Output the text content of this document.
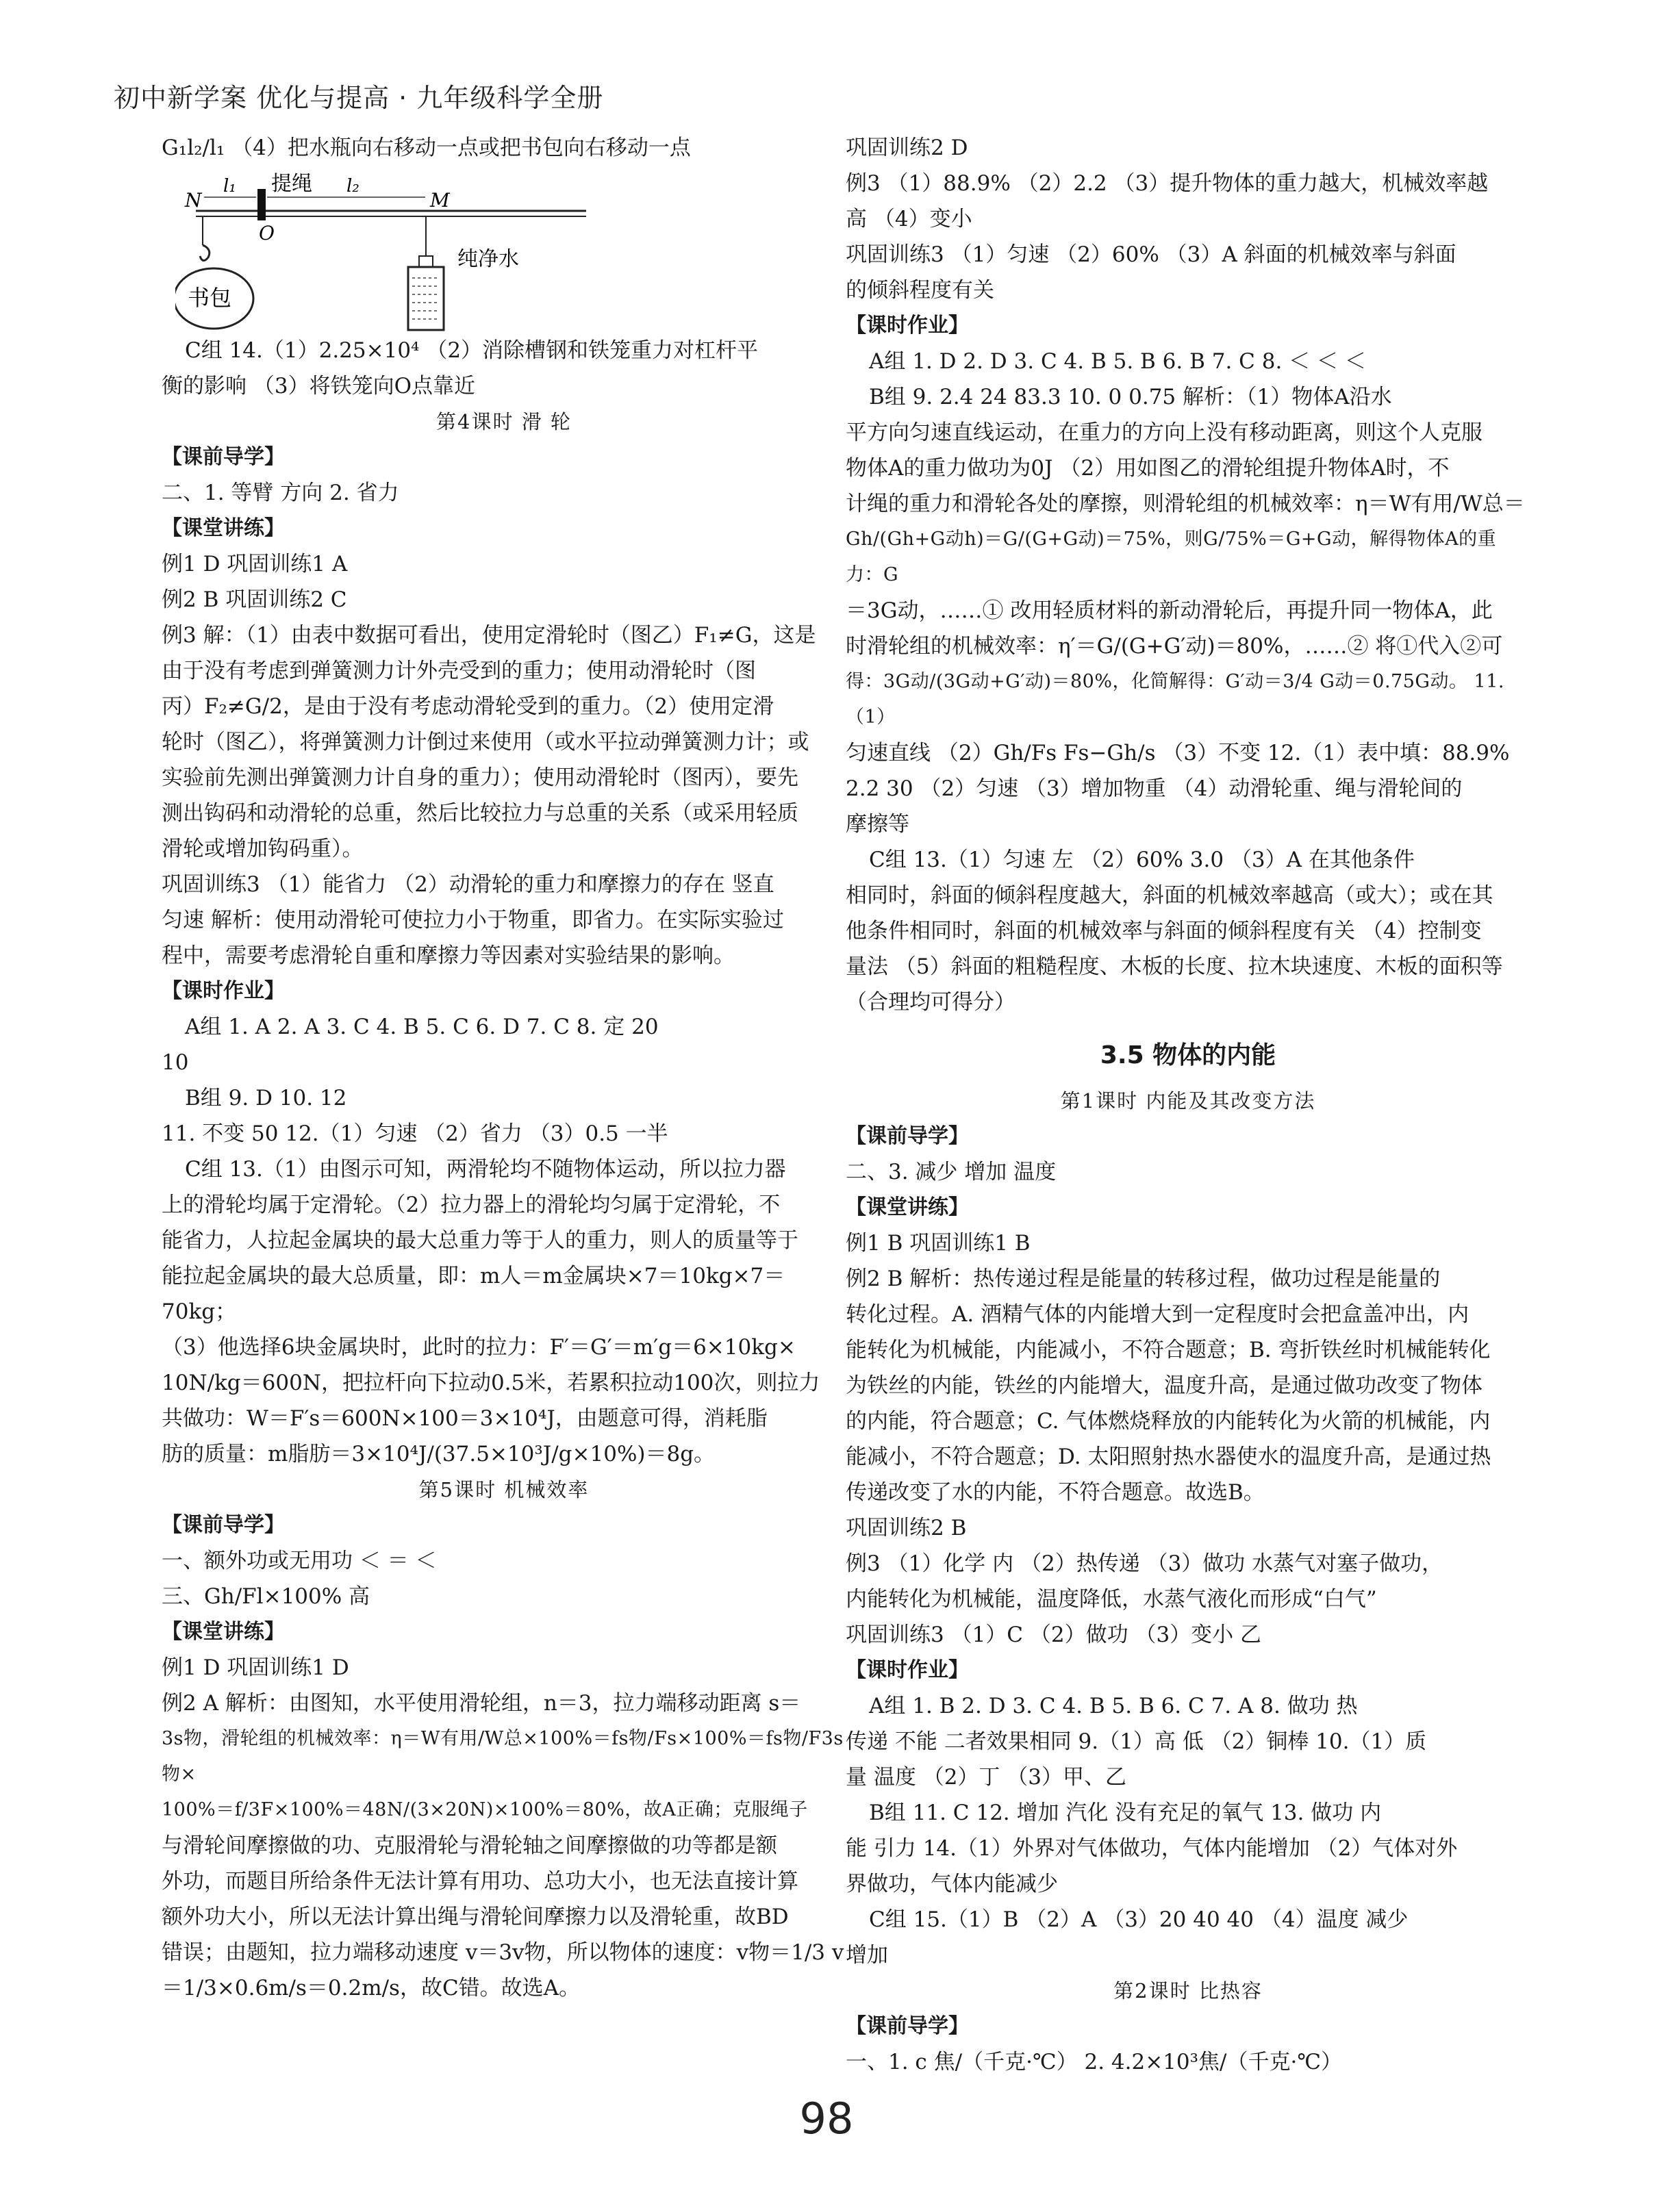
初中新学案 优化与提高 · 九年级科学全册
G₁l₂/l₁ （4）把水瓶向右移动一点或把书包向右移动一点
N
l₁ 提绳 l₂
M
O
书包
纯净水
C组 14.（1）2.25×10⁴ （2）消除槽钢和铁笼重力对杠杆平
衡的影响 （3）将铁笼向O点靠近
第4课时 滑 轮
【课前导学】
二、1. 等臂 方向 2. 省力
【课堂讲练】
例1 D 巩固训练1 A
例2 B 巩固训练2 C
例3 解：（1）由表中数据可看出，使用定滑轮时（图乙）F₁≠G，这是
由于没有考虑到弹簧测力计外壳受到的重力；使用动滑轮时（图
丙）F₂≠G/2，是由于没有考虑动滑轮受到的重力。（2）使用定滑
轮时（图乙），将弹簧测力计倒过来使用（或水平拉动弹簧测力计；或
实验前先测出弹簧测力计自身的重力）；使用动滑轮时（图丙），要先
测出钩码和动滑轮的总重，然后比较拉力与总重的关系（或采用轻质
滑轮或增加钩码重）。
巩固训练3 （1）能省力 （2）动滑轮的重力和摩擦力的存在 竖直
匀速 解析：使用动滑轮可使拉力小于物重，即省力。在实际实验过
程中，需要考虑滑轮自重和摩擦力等因素对实验结果的影响。
【课时作业】
A组 1. A 2. A 3. C 4. B 5. C 6. D 7. C 8. 定 20
10
B组 9. D 10. 12
11. 不变 50 12.（1）匀速 （2）省力 （3）0.5 一半
C组 13.（1）由图示可知，两滑轮均不随物体运动，所以拉力器
上的滑轮均属于定滑轮。（2）拉力器上的滑轮均匀属于定滑轮，不
能省力，人拉起金属块的最大总重力等于人的重力，则人的质量等于
能拉起金属块的最大总质量，即：m人＝m金属块×7＝10kg×7＝70kg；
（3）他选择6块金属块时，此时的拉力：F′＝G′＝m′g＝6×10kg×
10N/kg＝600N，把拉杆向下拉动0.5米，若累积拉动100次，则拉力
共做功：W＝F′s＝600N×100＝3×10⁴J，由题意可得，消耗脂
肪的质量：m脂肪＝3×10⁴J/(37.5×10³J/g×10%)＝8g。
第5课时 机械效率
【课前导学】
一、额外功或无用功 ＜ ＝ ＜
三、Gh/Fl×100% 高
【课堂讲练】
例1 D 巩固训练1 D
例2 A 解析：由图知，水平使用滑轮组，n＝3，拉力端移动距离 s＝
3s物，滑轮组的机械效率：η＝W有用/W总×100%＝fs物/Fs×100%＝fs物/F3s物×
100%＝f/3F×100%＝48N/(3×20N)×100%＝80%，故A正确；克服绳子
与滑轮间摩擦做的功、克服滑轮与滑轮轴之间摩擦做的功等都是额
外功，而题目所给条件无法计算有用功、总功大小，也无法直接计算
额外功大小，所以无法计算出绳与滑轮间摩擦力以及滑轮重，故BD
错误；由题知，拉力端移动速度 v＝3v物，所以物体的速度：v物＝1/3 v
＝1/3×0.6m/s＝0.2m/s，故C错。故选A。
巩固训练2 D
例3 （1）88.9% （2）2.2 （3）提升物体的重力越大，机械效率越
高 （4）变小
巩固训练3 （1）匀速 （2）60% （3）A 斜面的机械效率与斜面
的倾斜程度有关
【课时作业】
A组 1. D 2. D 3. C 4. B 5. B 6. B 7. C 8. ＜ ＜ ＜
B组 9. 2.4 24 83.3 10. 0 0.75 解析：（1）物体A沿水
平方向匀速直线运动，在重力的方向上没有移动距离，则这个人克服
物体A的重力做功为0J （2）用如图乙的滑轮组提升物体A时，不
计绳的重力和滑轮各处的摩擦，则滑轮组的机械效率：η＝W有用/W总＝
Gh/(Gh+G动h)＝G/(G+G动)＝75%，则G/75%＝G+G动，解得物体A的重力：G
＝3G动，……① 改用轻质材料的新动滑轮后，再提升同一物体A，此
时滑轮组的机械效率：η′＝G/(G+G′动)＝80%，……② 将①代入②可
得：3G动/(3G动+G′动)＝80%，化简解得：G′动＝3/4 G动＝0.75G动。 11.（1）
匀速直线 （2）Gh/Fs Fs−Gh/s （3）不变 12.（1）表中填：88.9%
2.2 30 （2）匀速 （3）增加物重 （4）动滑轮重、绳与滑轮间的
摩擦等
C组 13.（1）匀速 左 （2）60% 3.0 （3）A 在其他条件
相同时，斜面的倾斜程度越大，斜面的机械效率越高（或大）；或在其
他条件相同时，斜面的机械效率与斜面的倾斜程度有关 （4）控制变
量法 （5）斜面的粗糙程度、木板的长度、拉木块速度、木板的面积等
（合理均可得分）
3.5 物体的内能
第1课时 内能及其改变方法
【课前导学】
二、3. 减少 增加 温度
【课堂讲练】
例1 B 巩固训练1 B
例2 B 解析：热传递过程是能量的转移过程，做功过程是能量的
转化过程。A. 酒精气体的内能增大到一定程度时会把盒盖冲出，内
能转化为机械能，内能减小，不符合题意；B. 弯折铁丝时机械能转化
为铁丝的内能，铁丝的内能增大，温度升高，是通过做功改变了物体
的内能，符合题意；C. 气体燃烧释放的内能转化为火箭的机械能，内
能减小，不符合题意；D. 太阳照射热水器使水的温度升高，是通过热
传递改变了水的内能，不符合题意。故选B。
巩固训练2 B
例3 （1）化学 内 （2）热传递 （3）做功 水蒸气对塞子做功，
内能转化为机械能，温度降低，水蒸气液化而形成“白气”
巩固训练3 （1）C （2）做功 （3）变小 乙
【课时作业】
A组 1. B 2. D 3. C 4. B 5. B 6. C 7. A 8. 做功 热
传递 不能 二者效果相同 9.（1）高 低 （2）铜棒 10.（1）质
量 温度 （2）丁 （3）甲、乙
B组 11. C 12. 增加 汽化 没有充足的氧气 13. 做功 内
能 引力 14.（1）外界对气体做功，气体内能增加 （2）气体对外
界做功，气体内能减少
C组 15.（1）B （2）A （3）20 40 40 （4）温度 减少
增加
第2课时 比热容
【课前导学】
一、1. c 焦/（千克·℃） 2. 4.2×10³焦/（千克·℃）
98
